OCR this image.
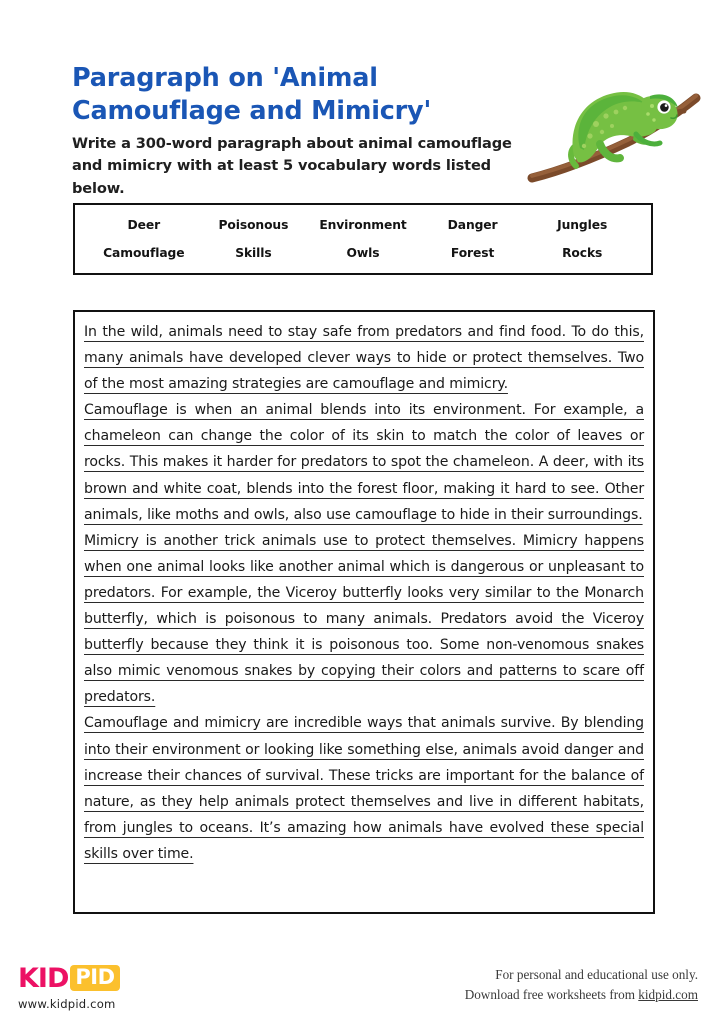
Paragraph on 'Animal Camouflage and Mimicry'

Write a 300-word paragraph about animal camouflage and mimicry with at least 5 vocabulary words listed below.

Deer	Poisonous	Environment	Danger	Jungles
Camouflage	Skills	Owls	Forest	Rocks

In the wild, animals need to stay safe from predators and find food. To do this, many animals have developed clever ways to hide or protect themselves. Two of the most amazing strategies are camouflage and mimicry.

Camouflage is when an animal blends into its environment. For example, a chameleon can change the color of its skin to match the color of leaves or rocks. This makes it harder for predators to spot the chameleon. A deer, with its brown and white coat, blends into the forest floor, making it hard to see. Other animals, like moths and owls, also use camouflage to hide in their surroundings.

Mimicry is another trick animals use to protect themselves. Mimicry happens when one animal looks like another animal which is dangerous or unpleasant to predators. For example, the Viceroy butterfly looks very similar to the Monarch butterfly, which is poisonous to many animals. Predators avoid the Viceroy butterfly because they think it is poisonous too. Some non-venomous snakes also mimic venomous snakes by copying their colors and patterns to scare off predators.

Camouflage and mimicry are incredible ways that animals survive. By blending into their environment or looking like something else, animals avoid danger and increase their chances of survival. These tricks are important for the balance of nature, as they help animals protect themselves and live in different habitats, from jungles to oceans. It’s amazing how animals have evolved these special skills over time.

KID PID
www.kidpid.com
For personal and educational use only.
Download free worksheets from kidpid.com
